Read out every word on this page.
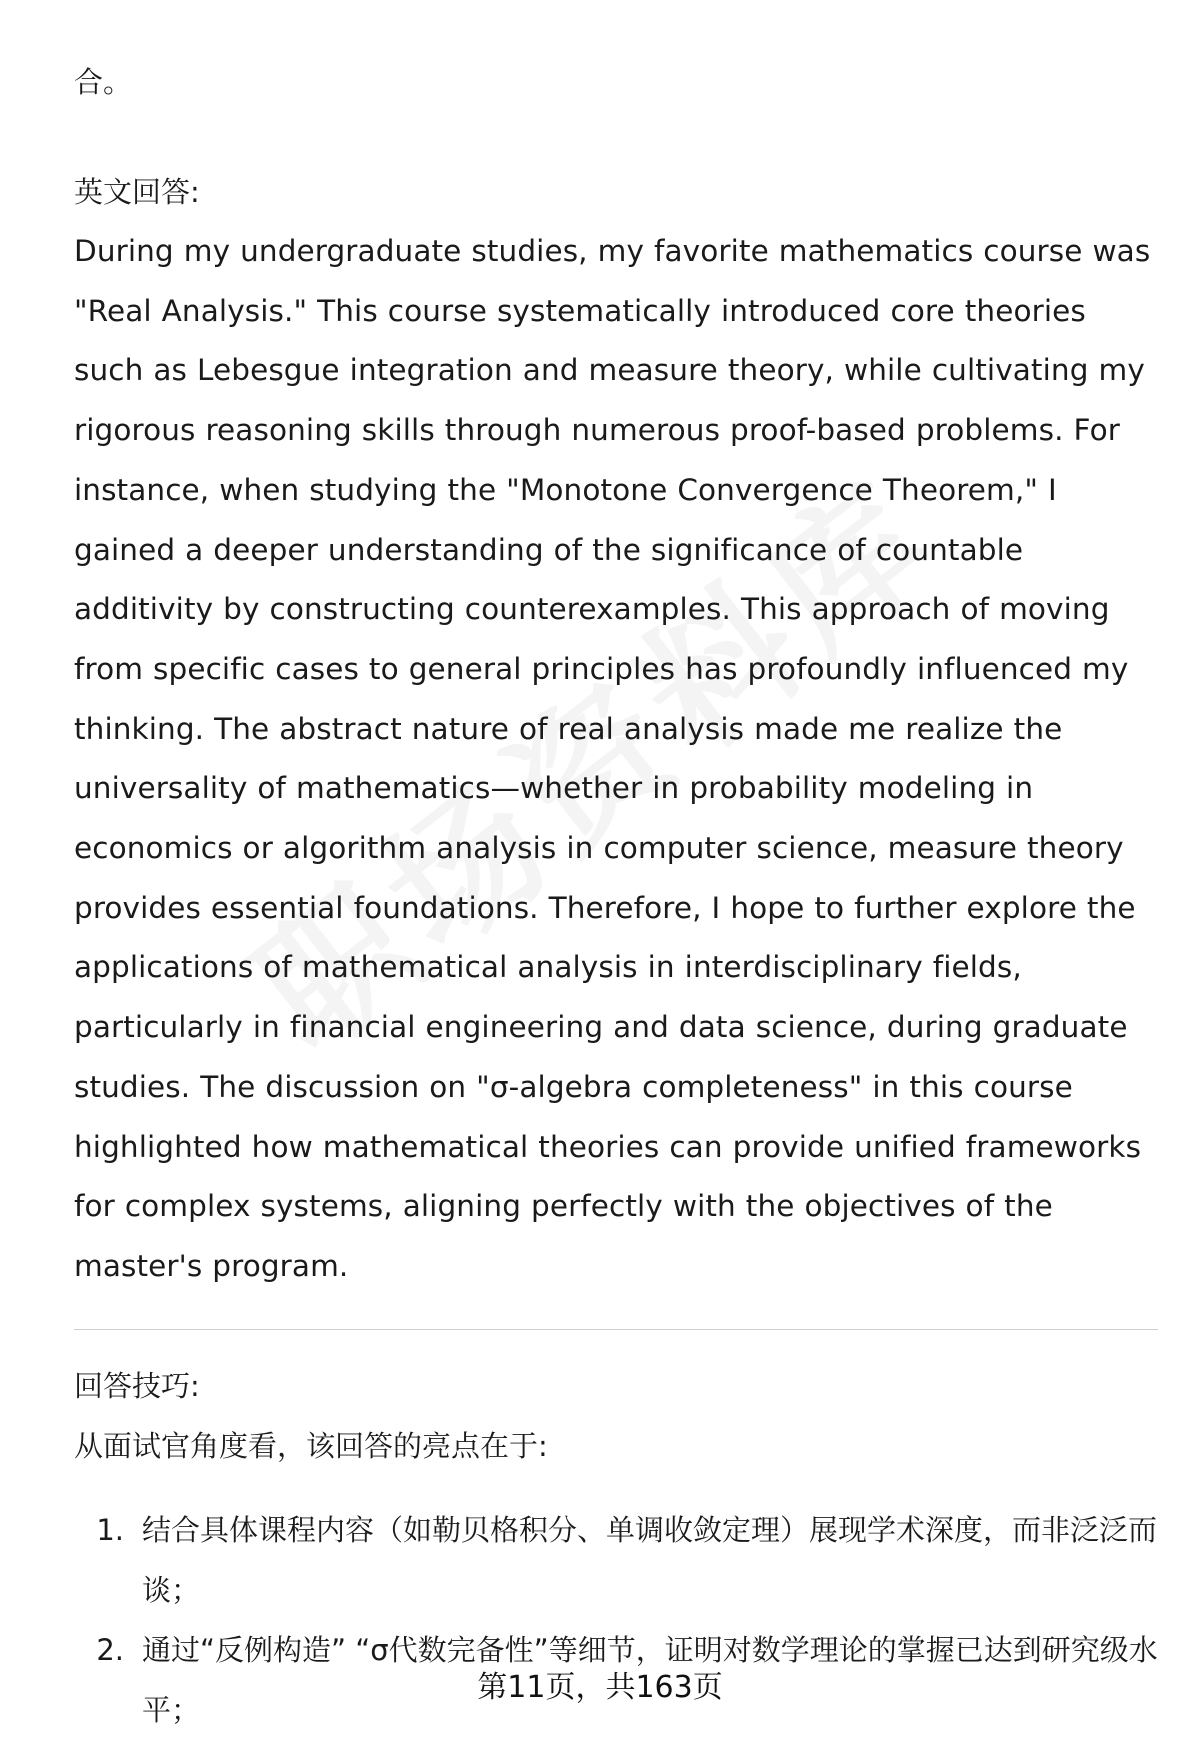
合。

英文回答:

During my undergraduate studies, my favorite mathematics course was "Real Analysis." This course systematically introduced core theories such as Lebesgue integration and measure theory, while cultivating my rigorous reasoning skills through numerous proof-based problems. For instance, when studying the "Monotone Convergence Theorem," I gained a deeper understanding of the significance of countable additivity by constructing counterexamples. This approach of moving from specific cases to general principles has profoundly influenced my thinking. The abstract nature of real analysis made me realize the universality of mathematics—whether in probability modeling in economics or algorithm analysis in computer science, measure theory provides essential foundations. Therefore, I hope to further explore the applications of mathematical analysis in interdisciplinary fields, particularly in financial engineering and data science, during graduate studies. The discussion on "σ-algebra completeness" in this course highlighted how mathematical theories can provide unified frameworks for complex systems, aligning perfectly with the objectives of the master's program.

回答技巧:

从面试官角度看，该回答的亮点在于:

1. 结合具体课程内容（如勒贝格积分、单调收敛定理）展现学术深度，而非泛泛而谈；
2. 通过“反例构造” “σ代数完备性”等细节，证明对数学理论的掌握已达到研究级水平；
第11页，共163页
